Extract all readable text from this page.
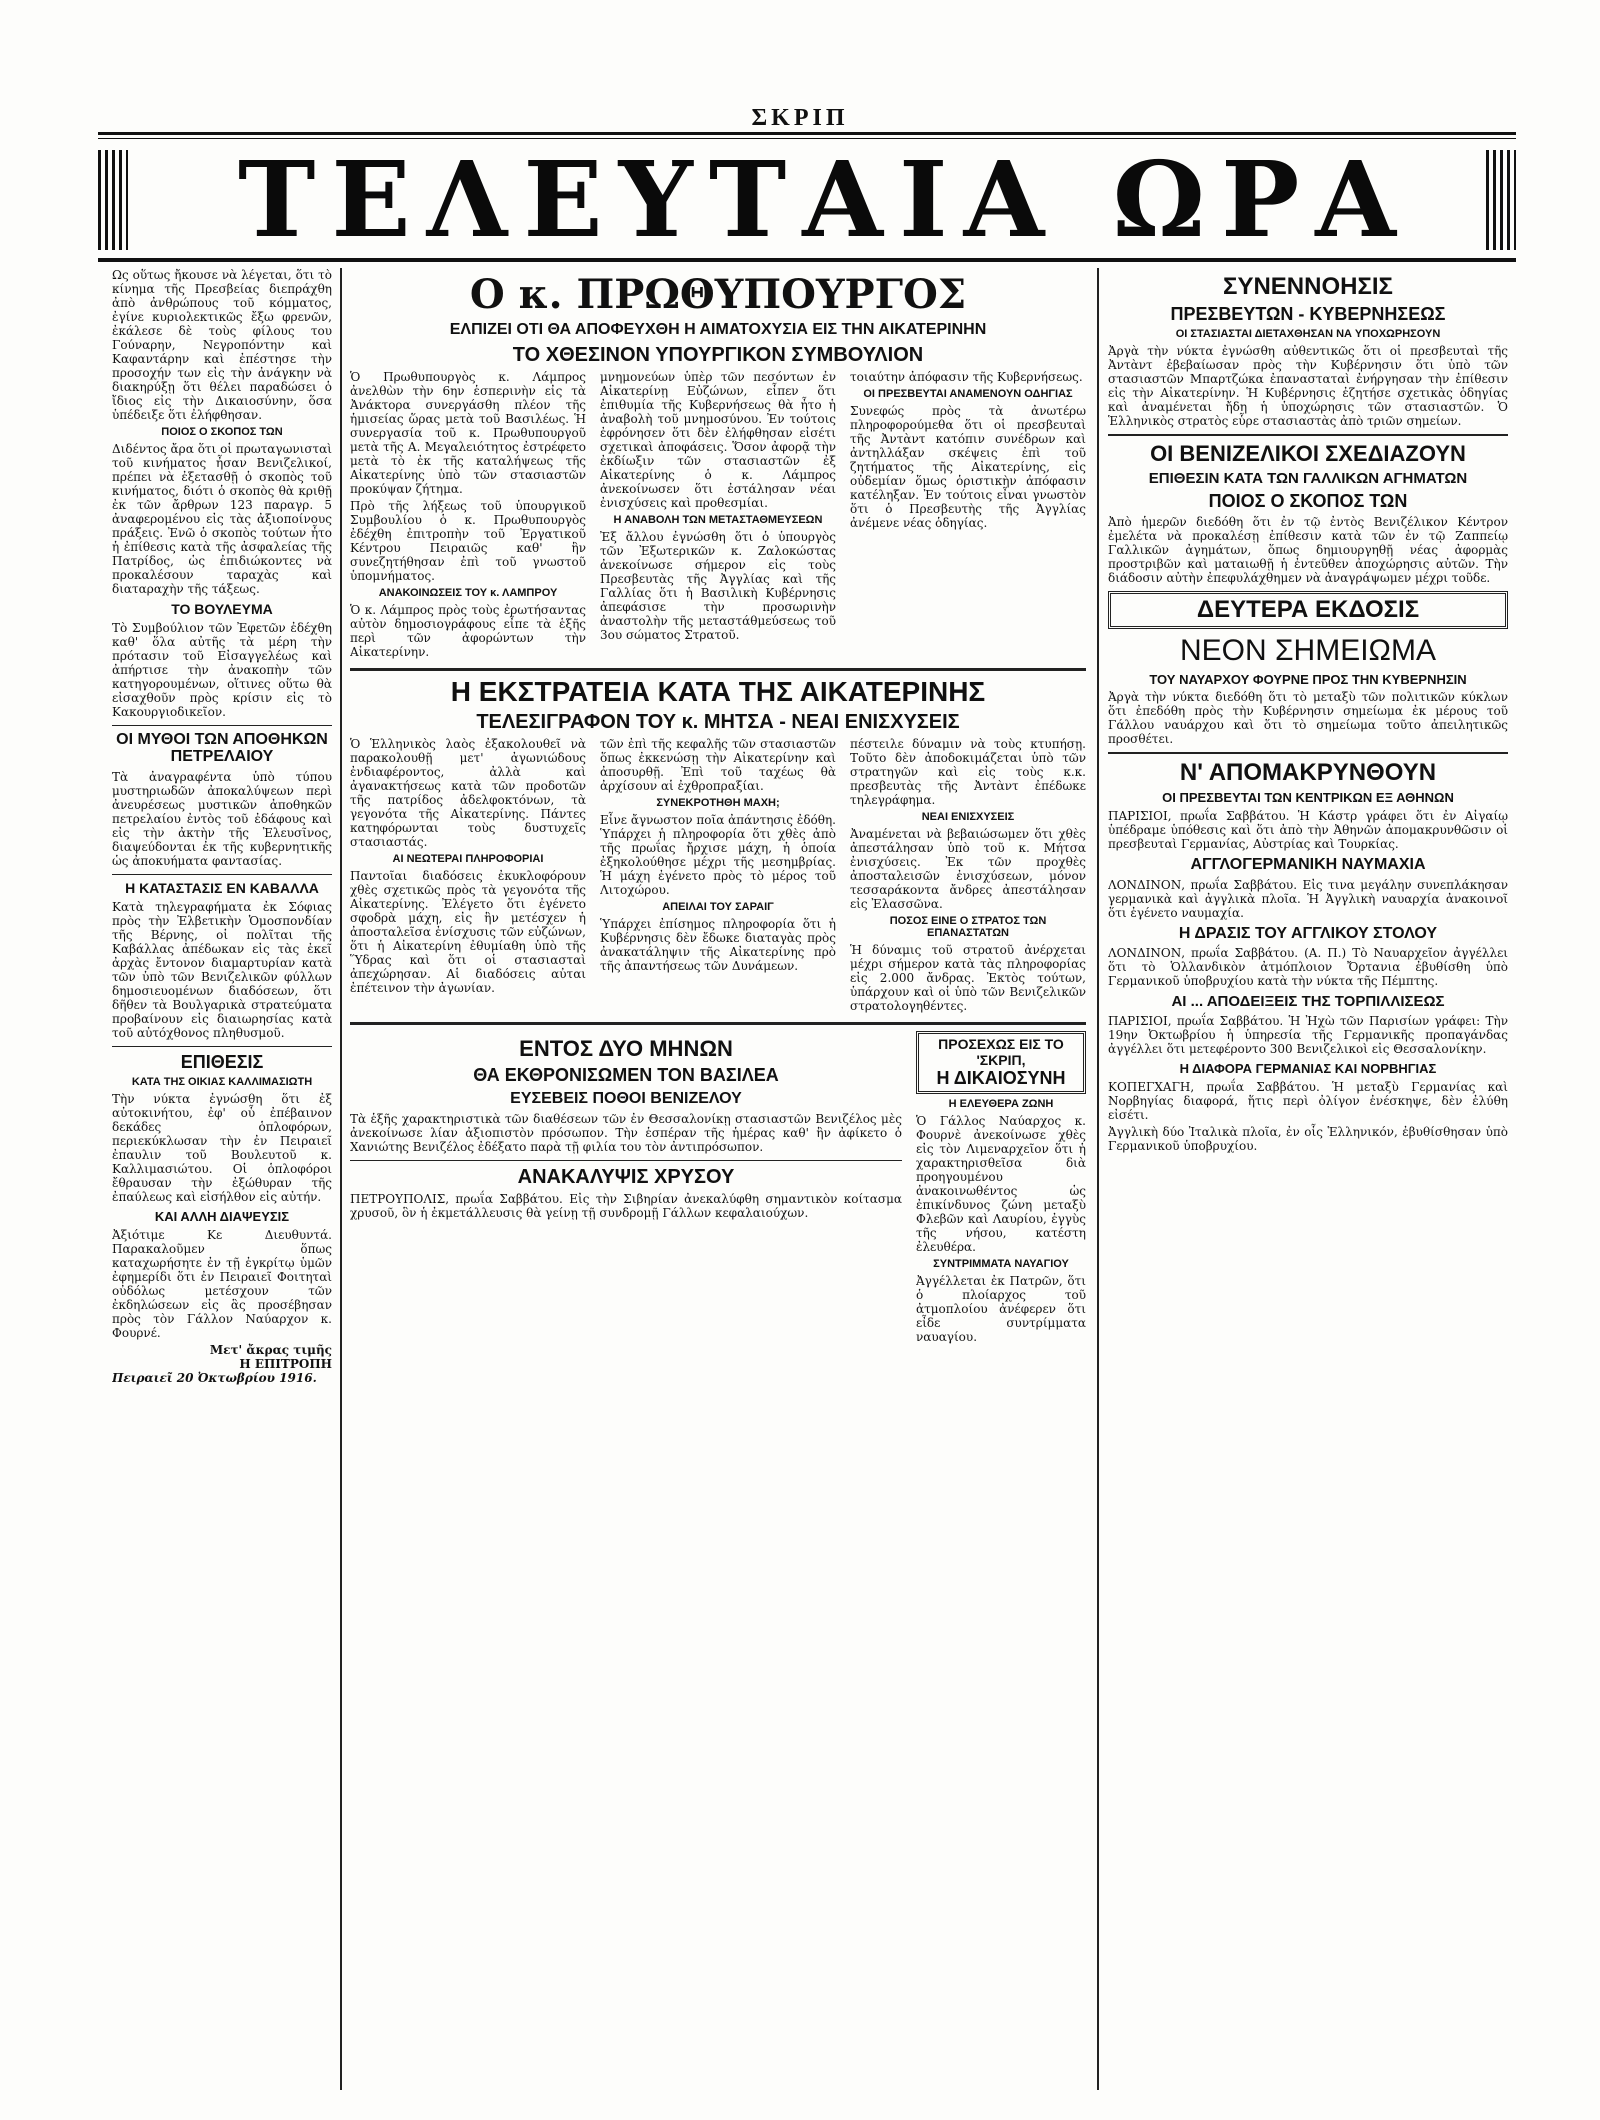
ΣΚΡΙΠ
ΤΕΛΕΥΤΑΙΑ ΩΡΑ

Ως οὕτως ἤκουσε νὰ λέγεται, ὅτι τὸ κίνημα τῆς Πρεσβείας διεπράχθη ἀπὸ ἀνθρώπους τοῦ κόμματος, ἐγίνε κυριολεκτικῶς ἔξω φρενῶν, ἐκάλεσε δὲ τοὺς φίλους του Γούναρην, Νεγροπόντην καὶ Καφαντάρην καὶ ἐπέστησε τὴν προσοχήν των εἰς τὴν ἀνάγκην νὰ διακηρύξῃ ὅτι θέλει παραδώσει ὁ ἴδιος εἰς τὴν Δικαιοσύνην, ὅσα ὑπέδειξε ὅτι ἐλήφθησαν.

ΠΟΙΟΣ Ο ΣΚΟΠΟΣ ΤΩΝ

Διδέντος ἄρα ὅτι οἱ πρωταγωνισταὶ τοῦ κινήματος ἦσαν Βενιζελικοί, πρέπει νὰ ἐξετασθῇ ὁ σκοπὸς τοῦ κινήματος, διότι ὁ σκοπὸς θὰ κριθῇ ἐκ τῶν ἄρθρων 123 παραγρ. 5 ἀναφερομένου εἰς τὰς ἀξιοποίνους πράξεις. Ἐνῶ ὁ σκοπὸς τούτων ἦτο ἡ ἐπίθεσις κατὰ τῆς ἀσφαλείας τῆς Πατρίδος, ὡς ἐπιδιώκοντες νὰ προκαλέσουν ταραχὰς καὶ διαταραχὴν τῆς τάξεως.

ΤΟ ΒΟΥΛΕΥΜΑ

Τὸ Συμβούλιον τῶν Ἐφετῶν ἐδέχθη καθ' ὅλα αὐτῆς τὰ μέρη τὴν πρότασιν τοῦ Εἰσαγγελέως καὶ ἀπήρτισε τὴν ἀνακοπὴν τῶν κατηγορουμένων, οἵτινες οὕτω θὰ εἰσαχθοῦν πρὸς κρίσιν εἰς τὸ Κακουργιοδικεῖον.

ΟΙ ΜΥΘΟΙ ΤΩΝ ΑΠΟΘΗΚΩΝ ΠΕΤΡΕΛΑΙΟΥ

Τὰ ἀναγραφέντα ὑπὸ τύπου μυστηριωδῶν ἀποκαλύψεων περὶ ἀνευρέσεως μυστικῶν ἀποθηκῶν πετρελαίου ἐντὸς τοῦ ἐδάφους καὶ εἰς τὴν ἀκτὴν τῆς Ἐλευσῖνος, διαψεύδονται ἐκ τῆς κυβερνητικῆς ὡς ἀποκυήματα φαντασίας.

Η ΚΑΤΑΣΤΑΣΙΣ ΕΝ ΚΑΒΑΛΛΑ

Κατὰ τηλεγραφήματα ἐκ Σόφιας πρὸς τὴν Ἐλβετικὴν Ὁμοσπονδίαν τῆς Βέρνης, οἱ πολῖται τῆς Καβάλλας ἀπέδωκαν εἰς τὰς ἐκεῖ ἀρχὰς ἔντονον διαμαρτυρίαν κατὰ τῶν ὑπὸ τῶν Βενιζελικῶν φύλλων δημοσιευομένων διαδόσεων, ὅτι δῆθεν τὰ Βουλγαρικὰ στρατεύματα προβαίνουν εἰς διαιωρησίας κατὰ τοῦ αὐτόχθονος πληθυσμοῦ.

ΕΠΙΘΕΣΙΣ
ΚΑΤΑ ΤΗΣ ΟΙΚΙΑΣ ΚΑΛΛΙΜΑΣΙΩΤΗ

Τὴν νύκτα ἐγνώσθη ὅτι ἐξ αὐτοκινήτου, ἐφ' οὗ ἐπέβαινον δεκάδες ὁπλοφόρων, περιεκύκλωσαν τὴν ἐν Πειραιεῖ ἐπαυλιν τοῦ Βουλευτοῦ κ. Καλλιμασιώτου. Οἱ ὁπλοφόροι ἔθραυσαν τὴν ἐξώθυραν τῆς ἐπαύλεως καὶ εἰσήλθον εἰς αὐτήν.

ΚΑΙ ΑΛΛΗ ΔΙΑΨΕΥΣΙΣ

Ἀξιότιμε Κε Διευθυντά. Παρακαλοῦμεν ὅπως καταχωρήσητε ἐν τῇ ἐγκρίτῳ ὑμῶν ἐφημερίδι ὅτι ἐν Πειραιεῖ Φοιτηταὶ οὐδόλως μετέσχουν τῶν ἐκδηλώσεων εἰς ἃς προσέβησαν πρὸς τὸν Γάλλον Ναύαρχον κ. Φουρνέ.

Μετ' ἄκρας τιμῆς
Η ΕΠΙΤΡΟΠΗ
Πειραιεῖ 20 Ὀκτωβρίου 1916.
Ο κ. ΠΡΩΘΥΠΟΥΡΓΟΣ
ΕΛΠΙΖΕΙ ΟΤΙ ΘΑ ΑΠΟΦΕΥΧΘΗ Η ΑΙΜΑΤΟΧΥΣΙΑ ΕΙΣ ΤΗΝ ΑΙΚΑΤΕΡΙΝΗΝ
ΤΟ ΧΘΕΣΙΝΟΝ ΥΠΟΥΡΓΙΚΟΝ ΣΥΜΒΟΥΛΙΟΝ

Ὁ Πρωθυπουργὸς κ. Λάμπρος ἀνελθὼν τὴν 6ην ἑσπερινὴν εἰς τὰ Ἀνάκτορα συνεργάσθη πλέον τῆς ἡμισείας ὥρας μετὰ τοῦ Βασιλέως. Ἡ συνεργασία τοῦ κ. Πρωθυπουργοῦ μετὰ τῆς Α. Μεγαλειότητος ἐστρέφετο μετὰ τὸ ἐκ τῆς καταλήψεως τῆς Αἰκατερίνης ὑπὸ τῶν στασιαστῶν προκύψαν ζήτημα.

Πρὸ τῆς λήξεως τοῦ ὑπουργικοῦ Συμβουλίου ὁ κ. Πρωθυπουργὸς ἐδέχθη ἐπιτροπὴν τοῦ Ἐργατικοῦ Κέντρου Πειραιῶς καθ' ἣν συνεζητήθησαν ἐπὶ τοῦ γνωστοῦ ὑπομνήματος.

ΑΝΑΚΟΙΝΩΣΕΙΣ ΤΟΥ κ. ΛΑΜΠΡΟΥ

Ὁ κ. Λάμπρος πρὸς τοὺς ἐρωτήσαντας αὐτὸν δημοσιογράφους εἶπε τὰ ἑξῆς περὶ τῶν ἀφορώντων τὴν Αἰκατερίνην.

μνημονεύων ὑπὲρ τῶν πεσόντων ἐν Αἰκατερίνῃ Εὐζώνων, εἶπεν ὅτι ἐπιθυμία τῆς Κυβερνήσεως θὰ ἦτο ἡ ἀναβολὴ τοῦ μνημοσύνου. Ἐν τούτοις ἐφρόνησεν ὅτι δὲν ἐλήφθησαν εἰσέτι σχετικαὶ ἀποφάσεις. Ὅσον ἀφορᾷ τὴν ἐκδίωξιν τῶν στασιαστῶν ἐξ Αἰκατερίνης ὁ κ. Λάμπρος ἀνεκοίνωσεν ὅτι ἐστάλησαν νέαι ἐνισχύσεις καὶ προθεσμίαι.

Η ΑΝΑΒΟΛΗ ΤΩΝ ΜΕΤΑΣΤΑΘΜΕΥΣΕΩΝ

Ἐξ ἄλλου ἐγνώσθη ὅτι ὁ ὑπουργὸς τῶν Ἐξωτερικῶν κ. Ζαλοκώστας ἀνεκοίνωσε σήμερον εἰς τοὺς Πρεσβευτὰς τῆς Ἀγγλίας καὶ τῆς Γαλλίας ὅτι ἡ Βασιλικὴ Κυβέρνησις ἀπεφάσισε τὴν προσωρινὴν ἀναστολὴν τῆς μεταστάθμεύσεως τοῦ 3ου σώματος Στρατοῦ.

τοιαύτην ἀπόφασιν τῆς Κυβερνήσεως.

ΟΙ ΠΡΕΣΒΕΥΤΑΙ ΑΝΑΜΕΝΟΥΝ ΟΔΗΓΙΑΣ

Συνεφώς πρὸς τὰ ἀνωτέρω πληροφορούμεθα ὅτι οἱ πρεσβευταὶ τῆς Ἀντὰντ κατόπιν συνέδρων καὶ ἀντηλλάξαν σκέψεις ἐπὶ τοῦ ζητήματος τῆς Αἰκατερίνης, εἰς οὐδεμίαν ὅμως ὁριστικὴν ἀπόφασιν κατέληξαν. Ἐν τούτοις εἶναι γνωστὸν ὅτι ὁ Πρεσβευτὴς τῆς Ἀγγλίας ἀνέμενε νέας ὁδηγίας.

Η ΕΚΣΤΡΑΤΕΙΑ ΚΑΤΑ ΤΗΣ ΑΙΚΑΤΕΡΙΝΗΣ
ΤΕΛΕΣΙΓΡΑΦΟΝ ΤΟΥ κ. ΜΗΤΣΑ - ΝΕΑΙ ΕΝΙΣΧΥΣΕΙΣ

Ὁ Ἑλληνικὸς λαὸς ἐξακολουθεῖ νὰ παρακολουθῇ μετ' ἀγωνιώδους ἐνδιαφέροντος, ἀλλὰ καὶ ἀγανακτήσεως κατὰ τῶν προδοτῶν τῆς πατρίδος ἀδελφοκτόνων, τὰ γεγονότα τῆς Αἰκατερίνης. Πάντες κατηφόρωνται τοὺς δυστυχεῖς στασιαστάς.

ΑΙ ΝΕΩΤΕΡΑΙ ΠΛΗΡΟΦΟΡΙΑΙ

Παντοῖαι διαδόσεις ἐκυκλοφόρουν χθὲς σχετικῶς πρὸς τὰ γεγονότα τῆς Αἰκατερίνης. Ἐλέγετο ὅτι ἐγένετο σφοδρὰ μάχη, εἰς ἣν μετέσχεν ἡ ἀποσταλεῖσα ἐνίσχυσις τῶν εὐζώνων, ὅτι ἡ Αἰκατερίνη ἐθυμίαθη ὑπὸ τῆς Ὕδρας καὶ ὅτι οἱ στασιασταὶ ἀπεχώρησαν. Αἱ διαδόσεις αὐται ἐπέτεινον τὴν ἀγωνίαν.

τῶν ἐπὶ τῆς κεφαλῆς τῶν στασιαστῶν ὅπως ἐκκενώσῃ τὴν Αἰκατερίνην καὶ ἀποσυρθῇ. Ἐπὶ τοῦ ταχέως θὰ ἀρχίσουν αἱ ἐχθροπραξίαι.

ΣΥΝΕΚΡΟΤΗΘΗ ΜΑΧΗ;

Εἶνε ἄγνωστον ποῖα ἀπάντησις ἐδόθη. Ὑπάρχει ἡ πληροφορία ὅτι χθὲς ἀπὸ τῆς πρωΐας ἤρχισε μάχη, ἡ ὁποία ἐξηκολούθησε μέχρι τῆς μεσημβρίας. Ἡ μάχη ἐγένετο πρὸς τὸ μέρος τοῦ Λιτοχώρου.

ΑΠΕΙΛΑΙ ΤΟΥ ΣΑΡΑΙΓ

Ὑπάρχει ἐπίσημος πληροφορία ὅτι ἡ Κυβέρνησις δὲν ἔδωκε διαταγὰς πρὸς ἀνακατάληψιν τῆς Αἰκατερίνης πρὸ τῆς ἀπαντήσεως τῶν Δυνάμεων.

πέστειλε δύναμιν νὰ τοὺς κτυπήσῃ. Τοῦτο δὲν ἀποδοκιμάζεται ὑπὸ τῶν στρατηγῶν καὶ εἰς τοὺς κ.κ. πρεσβευτὰς τῆς Ἀντὰντ ἐπέδωκε τηλεγράφημα.

ΝΕΑΙ ΕΝΙΣΧΥΣΕΙΣ

Ἀναμένεται νὰ βεβαιώσωμεν ὅτι χθὲς ἀπεστάλησαν ὑπὸ τοῦ κ. Μήτσα ἐνισχύσεις. Ἐκ τῶν προχθὲς ἀποσταλεισῶν ἐνισχύσεων, μόνον τεσσαράκοντα ἄνδρες ἀπεστάλησαν εἰς Ἐλασσῶνα.

ΠΟΣΟΣ ΕΙΝΕ Ο ΣΤΡΑΤΟΣ ΤΩΝ ΕΠΑΝΑΣΤΑΤΩΝ

Ἡ δύναμις τοῦ στρατοῦ ἀνέρχεται μέχρι σήμερον κατὰ τὰς πληροφορίας εἰς 2.000 ἄνδρας. Ἐκτὸς τούτων, ὑπάρχουν καὶ οἱ ὑπὸ τῶν Βενιζελικῶν στρατολογηθέντες.

ΕΝΤΟΣ ΔΥΟ ΜΗΝΩΝ
ΘΑ ΕΚΘΡΟΝΙΣΩΜΕΝ ΤΟΝ ΒΑΣΙΛΕΑ
ΕΥΣΕΒΕΙΣ ΠΟΘΟΙ ΒΕΝΙΖΕΛΟΥ

Τὰ ἑξῆς χαρακτηριστικὰ τῶν διαθέσεων τῶν ἐν Θεσσαλονίκῃ στασιαστῶν Βενιζέλος μὲς ἀνεκοίνωσε λίαν ἀξιοπιστὸν πρόσωπον. Τὴν ἑσπέραν τῆς ἡμέρας καθ' ἣν ἀφίκετο ὁ Χανιώτης Βενιζέλος ἐδέξατο παρὰ τῇ φιλία του τὸν ἀντιπρόσωπον.

ΑΝΑΚΑΛΥΨΙΣ ΧΡΥΣΟΥ

ΠΕΤΡΟΥΠΟΛΙΣ, πρωΐα Σαββάτου. Εἰς τὴν Σιβηρίαν ἀνεκαλύφθη σημαντικὸν κοίτασμα χρυσοῦ, ὃν ἡ ἐκμετάλλευσις θὰ γείνῃ τῇ συνδρομῇ Γάλλων κεφαλαιούχων.

ΠΡΟΣΕΧΩΣ ΕΙΣ ΤΟ 'ΣΚΡΙΠ,
Η ΔΙΚΑΙΟΣΥΝΗ
Η ΕΛΕΥΘΕΡΑ ΖΩΝΗ

Ὁ Γάλλος Ναύαρχος κ. Φουρνὲ ἀνεκοίνωσε χθὲς εἰς τὸν Λιμεναρχεῖον ὅτι ἡ χαρακτηρισθεῖσα διὰ προηγουμένου ἀνακοινωθέντος ὡς ἐπικίνδυνος ζώνη μεταξὺ Φλεβῶν καὶ Λαυρίου, ἐγγὺς τῆς νήσου, κατέστη ἐλευθέρα.

ΣΥΝΤΡΙΜΜΑΤΑ ΝΑΥΑΓΙΟΥ

Ἀγγέλλεται ἐκ Πατρῶν, ὅτι ὁ πλοίαρχος τοῦ ἀτμοπλοίου ἀνέφερεν ὅτι εἶδε συντρίμματα ναυαγίου.

ΣΥΝΕΝΝΟΗΣΙΣ
ΠΡΕΣΒΕΥΤΩΝ - ΚΥΒΕΡΝΗΣΕΩΣ
ΟΙ ΣΤΑΣΙΑΣΤΑΙ ΔΙΕΤΑΧΘΗΣΑΝ ΝΑ ΥΠΟΧΩΡΗΣΟΥΝ

Ἀργὰ τὴν νύκτα ἐγνώσθη αὐθεντικῶς ὅτι οἱ πρεσβευταὶ τῆς Ἀντὰντ ἐβεβαίωσαν πρὸς τὴν Κυβέρνησιν ὅτι ὑπὸ τῶν στασιαστῶν Μπαρτζώκα ἐπανασταταὶ ἐνήργησαν τὴν ἐπίθεσιν εἰς τὴν Αἰκατερίνην. Ἡ Κυβέρνησις ἐζητήσε σχετικὰς ὁδηγίας καὶ ἀναμένεται ἤδη ἡ ὑποχώρησις τῶν στασιαστῶν. Ὁ Ἑλληνικὸς στρατὸς εὗρε στασιαστὰς ἀπὸ τριῶν σημείων.

ΟΙ ΒΕΝΙΖΕΛΙΚΟΙ ΣΧΕΔΙΑΖΟΥΝ
ΕΠΙΘΕΣΙΝ ΚΑΤΑ ΤΩΝ ΓΑΛΛΙΚΩΝ ΑΓΗΜΑΤΩΝ
ΠΟΙΟΣ Ο ΣΚΟΠΟΣ ΤΩΝ

Ἀπὸ ἡμερῶν διεδόθη ὅτι ἐν τῷ ἐντὸς Βενιζέλικον Κέντρον ἐμελέτα νὰ προκαλέσῃ ἐπίθεσιν κατὰ τῶν ἐν τῷ Ζαππείῳ Γαλλικῶν ἀγημάτων, ὅπως δημιουργηθῇ νέας ἀφορμὰς προστριβῶν καὶ ματαιωθῇ ἡ ἐντεῦθεν ἀποχώρησις αὐτῶν. Τὴν διάδοσιν αὐτὴν ἐπεφυλάχθημεν νὰ ἀναγράψωμεν μέχρι τοῦδε.

ΔΕΥΤΕΡΑ ΕΚΔΟΣΙΣ
ΝΕΟΝ ΣΗΜΕΙΩΜΑ
ΤΟΥ ΝΑΥΑΡΧΟΥ ΦΟΥΡΝΕ ΠΡΟΣ ΤΗΝ ΚΥΒΕΡΝΗΣΙΝ

Ἀργὰ τὴν νύκτα διεδόθη ὅτι τὸ μεταξὺ τῶν πολιτικῶν κύκλων ὅτι ἐπεδόθη πρὸς τὴν Κυβέρνησιν σημείωμα ἐκ μέρους τοῦ Γάλλου ναυάρχου καὶ ὅτι τὸ σημείωμα τοῦτο ἀπειλητικῶς προσθέτει.

Ν' ΑΠΟΜΑΚΡΥΝΘΟΥΝ
ΟΙ ΠΡΕΣΒΕΥΤΑΙ ΤΩΝ ΚΕΝΤΡΙΚΩΝ ΕΞ ΑΘΗΝΩΝ

ΠΑΡΙΣΙΟΙ, πρωΐα Σαββάτου. Ἡ Κάστρ γράφει ὅτι ἐν Αἰγαίῳ ὑπέδραμε ὑπόθεσις καὶ ὅτι ἀπὸ τὴν Ἀθηνῶν ἀπομακρυνθῶσιν οἱ πρεσβευταὶ Γερμανίας, Αὐστρίας καὶ Τουρκίας.

ΑΓΓΛΟΓΕΡΜΑΝΙΚΗ ΝΑΥΜΑΧΙΑ

ΛΟΝΔΙΝΟΝ, πρωΐα Σαββάτου. Εἰς τινα μεγάλην συνεπλάκησαν γερμανικὰ καὶ ἀγγλικὰ πλοῖα. Ἡ Ἀγγλικὴ ναυαρχία ἀνακοινοῖ ὅτι ἐγένετο ναυμαχία.

Η ΔΡΑΣΙΣ ΤΟΥ ΑΓΓΛΙΚΟΥ ΣΤΟΛΟΥ

ΛΟΝΔΙΝΟΝ, πρωΐα Σαββάτου. (Α. Π.) Τὸ Ναυαρχεῖον ἀγγέλλει ὅτι τὸ Ὁλλανδικὸν ἀτμόπλοιον Ὄρτανια ἐβυθίσθη ὑπὸ Γερμανικοῦ ὑποβρυχίου κατὰ τὴν νύκτα τῆς Πέμπτης.

ΑΙ ... ΑΠΟΔΕΙΞΕΙΣ ΤΗΣ ΤΟΡΠΙΛΛΙΣΕΩΣ

ΠΑΡΙΣΙΟΙ, πρωΐα Σαββάτου. Ἡ Ἠχὼ τῶν Παρισίων γράφει: Τὴν 19ην Ὀκτωβρίου ἡ ὑπηρεσία τῆς Γερμανικῆς προπαγάνδας ἀγγέλλει ὅτι μετεφέροντο 300 Βενιζελικοὶ εἰς Θεσσαλονίκην.

Η ΔΙΑΦΟΡΑ ΓΕΡΜΑΝΙΑΣ ΚΑΙ ΝΟΡΒΗΓΙΑΣ

ΚΟΠΕΓΧΑΓΗ, πρωΐα Σαββάτου. Ἡ μεταξὺ Γερμανίας καὶ Νορβηγίας διαφορά, ἥτις περὶ ὀλίγον ἐνέσκηψε, δὲν ἐλύθη εἰσέτι.

Ἀγγλικὴ δύο Ἰταλικὰ πλοῖα, ἐν οἷς Ἑλληνικόν, ἐβυθίσθησαν ὑπὸ Γερμανικοῦ ὑποβρυχίου.
